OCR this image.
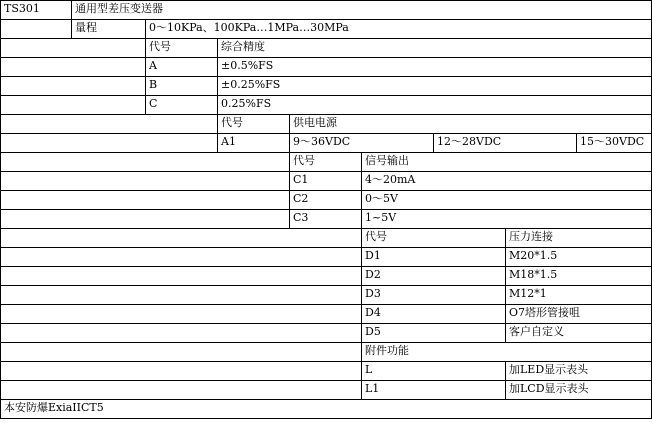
TS301	通用型差压变送器
量程	0～10KPa、100KPa…1MPa…30MPa
代号	综合精度
A	±0.5%FS
B	±0.25%FS
C	0.25%FS
代号	供电电源
A1	9～36VDC	12～28VDC	15～30VDC
代号	信号输出
C1	4～20mA
C2	0～5V
C3	1~5V
代号	压力连接
D1	M20*1.5
D2	M18*1.5
D3	M12*1
D4	O7塔形管接咀
D5	客户自定义
附件功能
L	加LED显示表头
L1	加LCD显示表头
本安防爆ExiaIICT5
